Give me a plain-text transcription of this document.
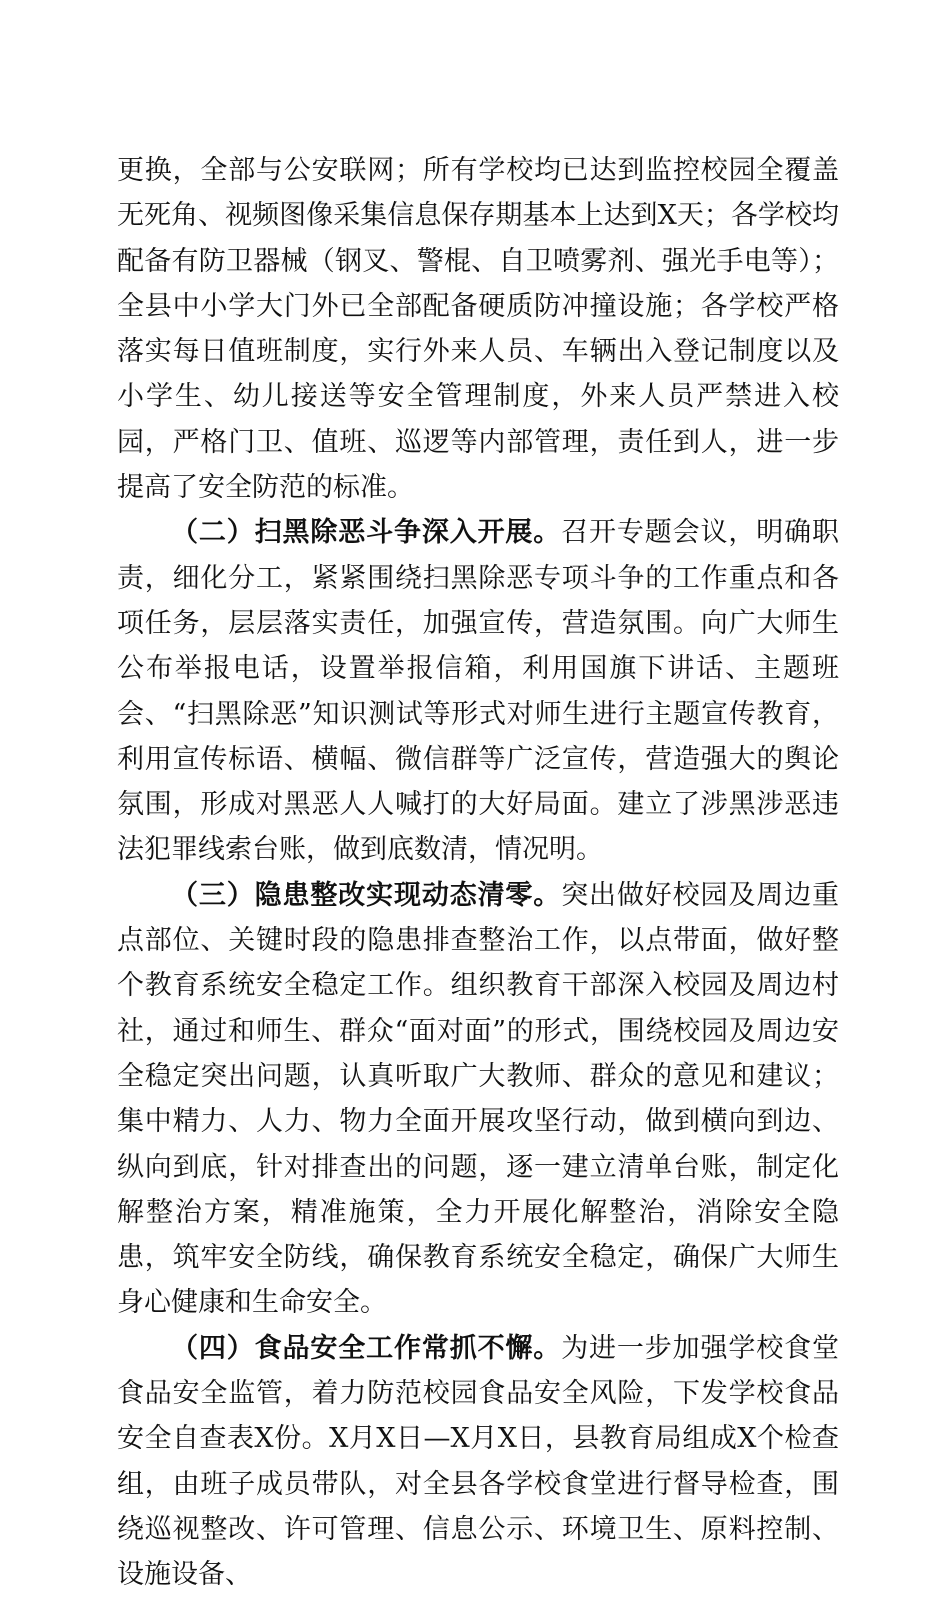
更换，全部与公安联网；所有学校均已达到监控校园全覆盖无死角、视频图像采集信息保存期基本上达到X天；各学校均配备有防卫器械（钢叉、警棍、自卫喷雾剂、强光手电等）；全县中小学大门外已全部配备硬质防冲撞设施；各学校严格落实每日值班制度，实行外来人员、车辆出入登记制度以及小学生、幼儿接送等安全管理制度，外来人员严禁进入校园，严格门卫、值班、巡逻等内部管理，责任到人，进一步提高了安全防范的标准。

（二）扫黑除恶斗争深入开展。召开专题会议，明确职责，细化分工，紧紧围绕扫黑除恶专项斗争的工作重点和各项任务，层层落实责任，加强宣传，营造氛围。向广大师生公布举报电话，设置举报信箱，利用国旗下讲话、主题班会、“扫黑除恶”知识测试等形式对师生进行主题宣传教育，利用宣传标语、横幅、微信群等广泛宣传，营造强大的舆论氛围，形成对黑恶人人喊打的大好局面。建立了涉黑涉恶违法犯罪线索台账，做到底数清，情况明。

（三）隐患整改实现动态清零。突出做好校园及周边重点部位、关键时段的隐患排查整治工作，以点带面，做好整个教育系统安全稳定工作。组织教育干部深入校园及周边村社，通过和师生、群众“面对面”的形式，围绕校园及周边安全稳定突出问题，认真听取广大教师、群众的意见和建议；集中精力、人力、物力全面开展攻坚行动，做到横向到边、纵向到底，针对排查出的问题，逐一建立清单台账，制定化解整治方案，精准施策，全力开展化解整治，消除安全隐患，筑牢安全防线，确保教育系统安全稳定，确保广大师生身心健康和生命安全。

（四）食品安全工作常抓不懈。为进一步加强学校食堂食品安全监管，着力防范校园食品安全风险，下发学校食品安全自查表X份。X月X日—X月X日，县教育局组成X个检查组，由班子成员带队，对全县各学校食堂进行督导检查，围绕巡视整改、许可管理、信息公示、环境卫生、原料控制、设施设备、
